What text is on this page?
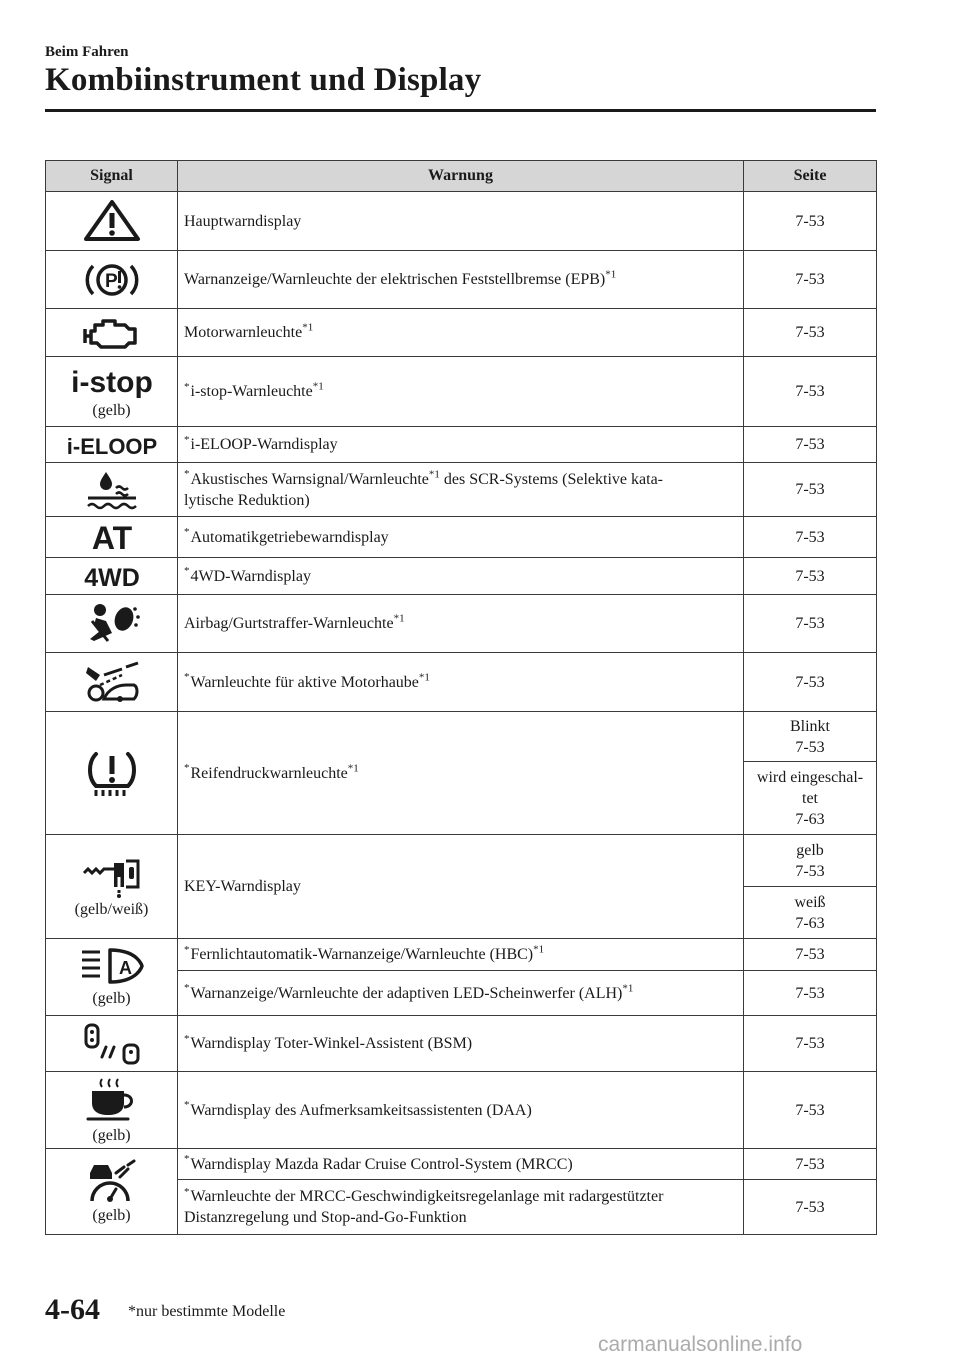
Beim Fahren
Kombiinstrument und Display
Signal	Warnung	Seite

	Hauptwarndisplay	7-53

P	Warnanzeige/Warnleuchte der elektrischen Feststellbremse (EPB)$^{*1}$	7-53

	Motorwarnleuchte$^{*1}$	7-53

i-stop
(gelb)	*i-stop-Warnleuchte$^{*1}$	7-53

i-ELOOP	*i-ELOOP-Warndisplay	7-53

	*Akustisches Warnsignal/Warnleuchte$^{*1}$ des SCR-Systems (Selektive kata-
lytische Reduktion)	7-53

AT	*Automatikgetriebewarndisplay	7-53

4WD	*4WD-Warndisplay	7-53

	Airbag/Gurtstraffer-Warnleuchte$^{*1}$	7-53

	*Warnleuchte für aktive Motorhaube$^{*1}$	7-53

	*Reifendruckwarnleuchte$^{*1}$	Blinkt
7-53
		wird eingeschal-
tet
7-63

(gelb/weiß)	KEY-Warndisplay	gelb
7-53
		weiß
7-63

A
(gelb)	*Fernlichtautomatik-Warnanzeige/Warnleuchte (HBC)$^{*1}$	7-53
	*Warnanzeige/Warnleuchte der adaptiven LED-Scheinwerfer (ALH)$^{*1}$	7-53

	*Warndisplay Toter-Winkel-Assistent (BSM)	7-53

(gelb)	*Warndisplay des Aufmerksamkeitsassistenten (DAA)	7-53

(gelb)	*Warndisplay Mazda Radar Cruise Control-System (MRCC)	7-53
	*Warnleuchte der MRCC-Geschwindigkeitsregelanlage mit radargestützter
Distanzregelung und Stop-and-Go-Funktion	7-53
4-64 *nur bestimmte Modelle
carmanualsonline.info
